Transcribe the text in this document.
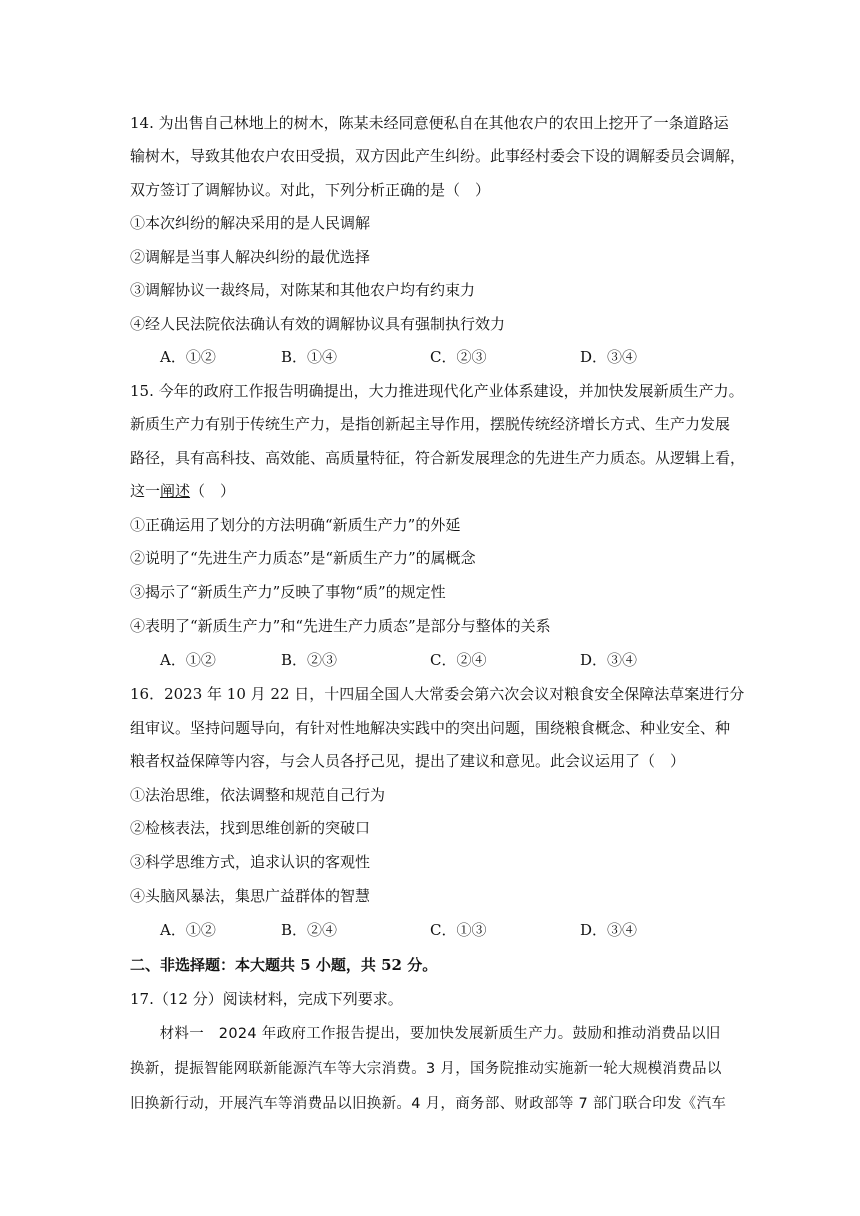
14. 为出售自己林地上的树木，陈某未经同意便私自在其他农户的农田上挖开了一条道路运
输树木，导致其他农户农田受损，双方因此产生纠纷。此事经村委会下设的调解委员会调解，
双方签订了调解协议。对此，下列分析正确的是（　）
①本次纠纷的解决采用的是人民调解
②调解是当事人解决纠纷的最优选择
③调解协议一裁终局，对陈某和其他农户均有约束力
④经人民法院依法确认有效的调解协议具有强制执行效力
A．①②	B．①④	C．②③	D．③④
15. 今年的政府工作报告明确提出，大力推进现代化产业体系建设，并加快发展新质生产力。
新质生产力有别于传统生产力，是指创新起主导作用，摆脱传统经济增长方式、生产力发展
路径，具有高科技、高效能、高质量特征，符合新发展理念的先进生产力质态。从逻辑上看，
这一阐述（　）
①正确运用了划分的方法明确“新质生产力”的外延
②说明了“先进生产力质态”是“新质生产力”的属概念
③揭示了“新质生产力”反映了事物“质”的规定性
④表明了“新质生产力”和“先进生产力质态”是部分与整体的关系
A．①②	B．②③	C．②④	D．③④
16．2023 年 10 月 22 日，十四届全国人大常委会第六次会议对粮食安全保障法草案进行分
组审议。坚持问题导向，有针对性地解决实践中的突出问题，围绕粮食概念、种业安全、种
粮者权益保障等内容，与会人员各抒己见，提出了建议和意见。此会议运用了（　）
①法治思维，依法调整和规范自己行为
②检核表法，找到思维创新的突破口
③科学思维方式，追求认识的客观性
④头脑风暴法，集思广益群体的智慧
A．①②	B．②④	C．①③	D．③④
二、非选择题：本大题共 5 小题，共 52 分。
17.（12 分）阅读材料，完成下列要求。
　　材料一　2024 年政府工作报告提出，要加快发展新质生产力。鼓励和推动消费品以旧
换新，提振智能网联新能源汽车等大宗消费。3 月，国务院推动实施新一轮大规模消费品以
旧换新行动，开展汽车等消费品以旧换新。4 月，商务部、财政部等 7 部门联合印发《汽车
